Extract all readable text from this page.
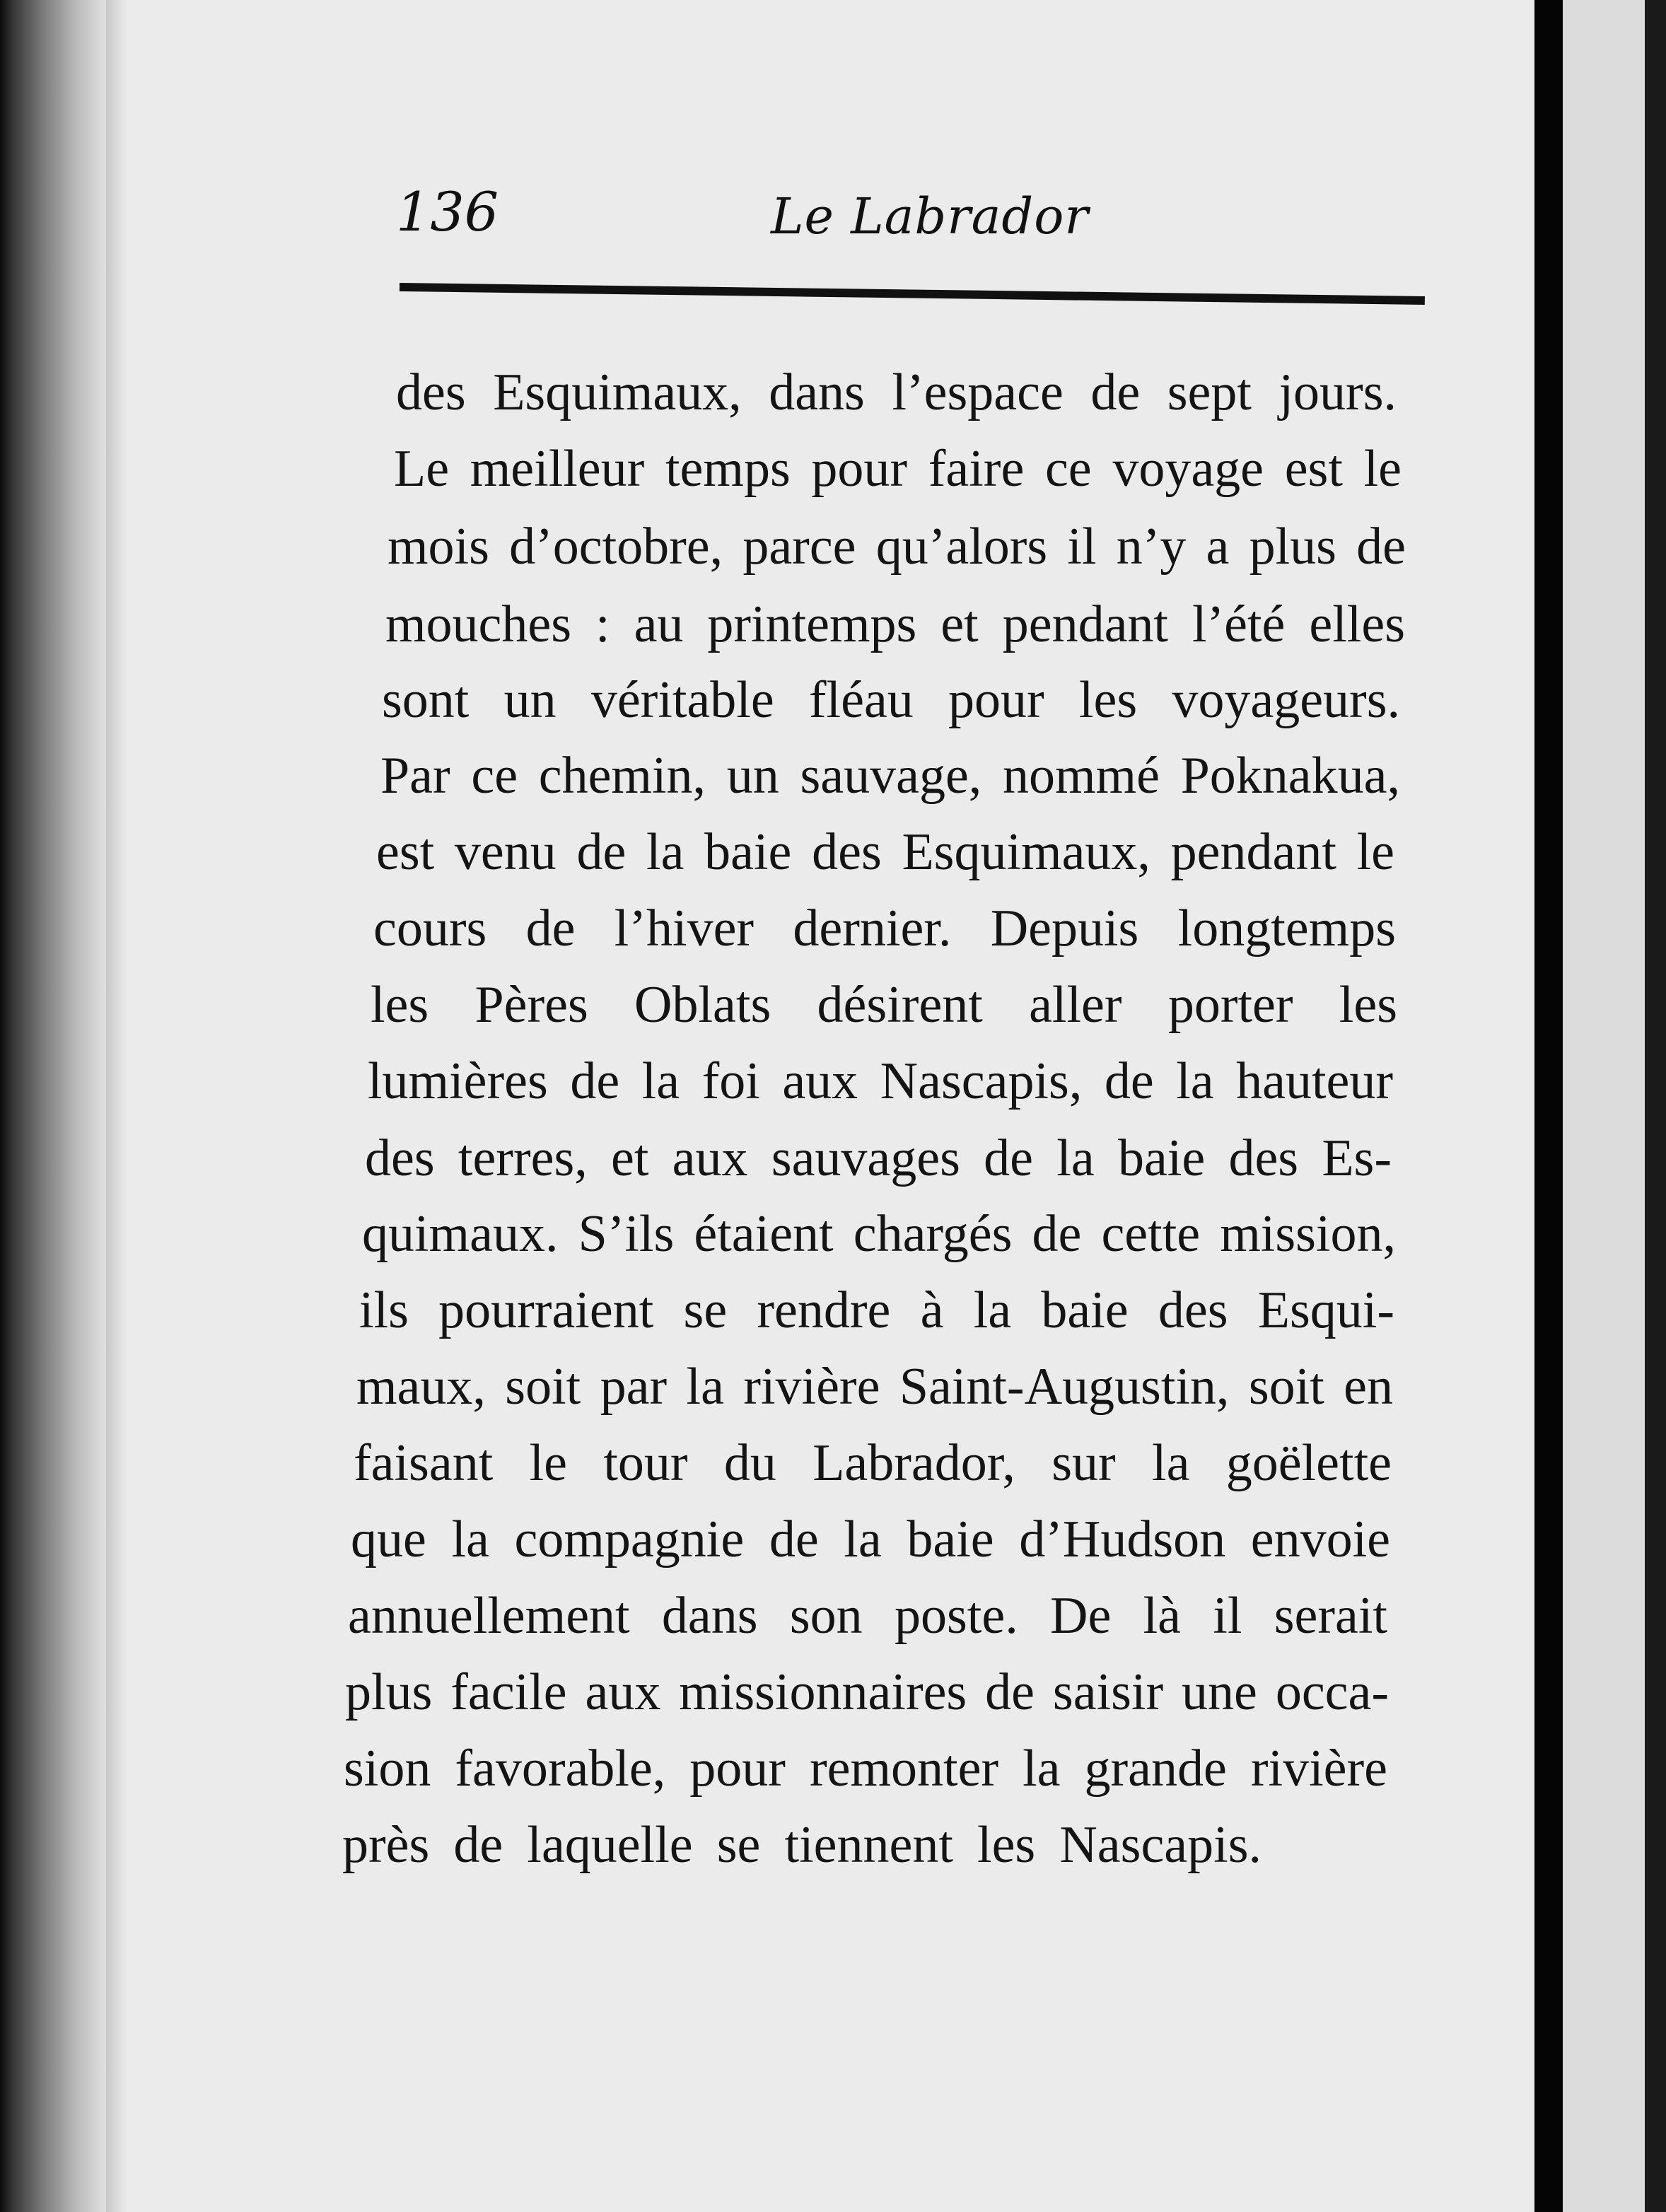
136	Le Labrador
des Esquimaux, dans l’espace de sept jours.
Le meilleur temps pour faire ce voyage est le
mois d’octobre, parce qu’alors il n’y a plus de
mouches : au printemps et pendant l’été elles
sont un véritable fléau pour les voyageurs.
Par ce chemin, un sauvage, nommé Poknakua,
est venu de la baie des Esquimaux, pendant le
cours de l’hiver dernier. Depuis longtemps
les Pères Oblats désirent aller porter les
lumières de la foi aux Nascapis, de la hauteur
des terres, et aux sauvages de la baie des Es-
quimaux. S’ils étaient chargés de cette mission,
ils pourraient se rendre à la baie des Esqui-
maux, soit par la rivière Saint-Augustin, soit en
faisant le tour du Labrador, sur la goëlette
que la compagnie de la baie d’Hudson envoie
annuellement dans son poste. De là il serait
plus facile aux missionnaires de saisir une occa-
sion favorable, pour remonter la grande rivière
près de laquelle se tiennent les Nascapis.
